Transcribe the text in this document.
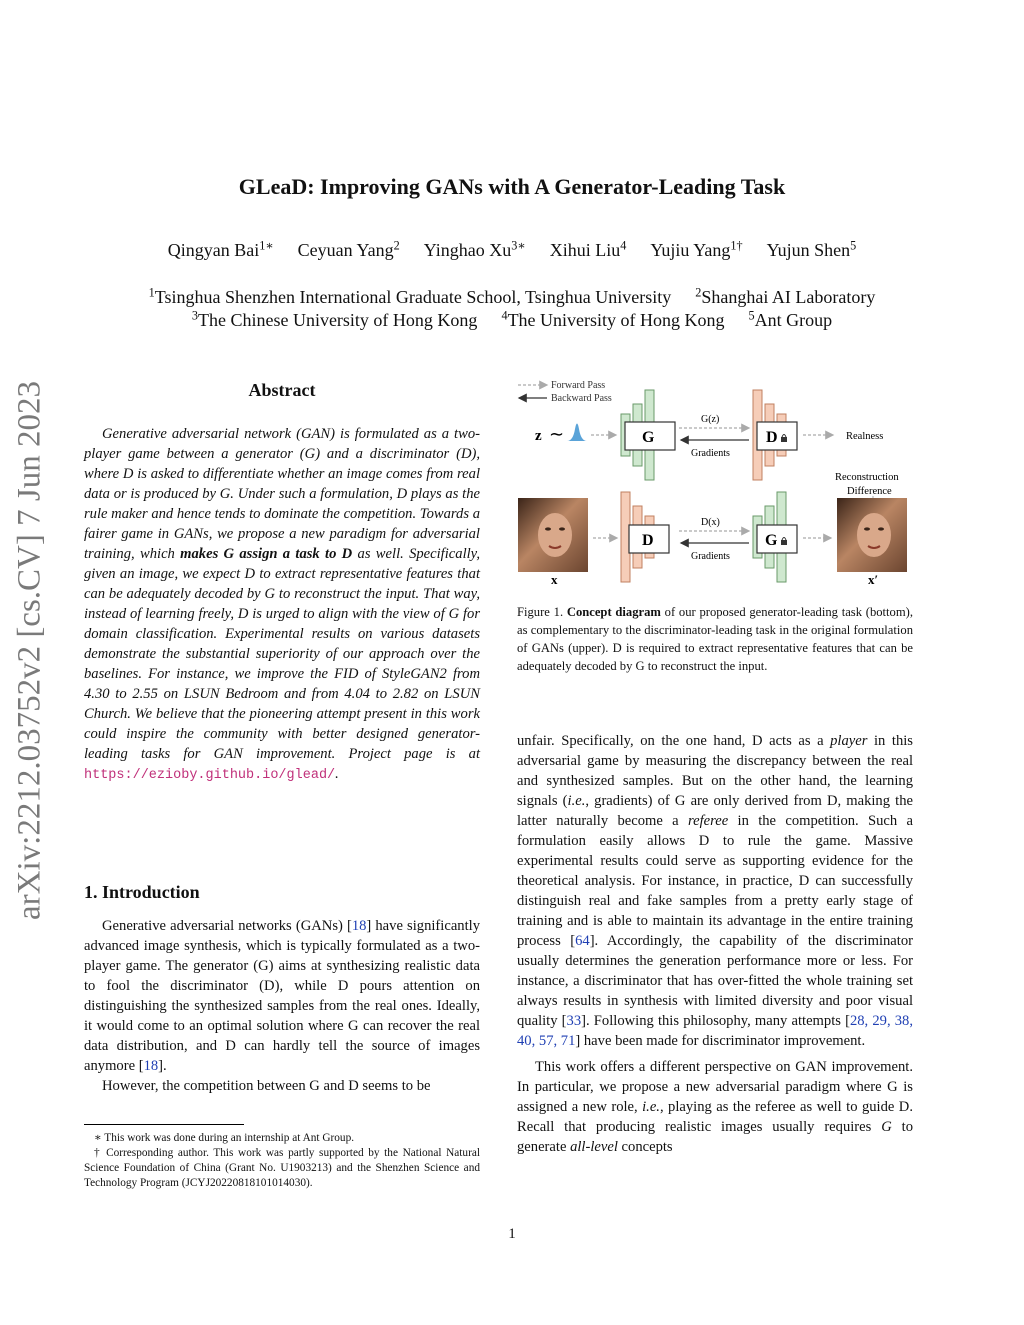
GLeaD: Improving GANs with A Generator-Leading Task
Qingyan Bai$^{1∗}$ Ceyuan Yang$^2$ Yinghao $Xu^{3∗}$ Xihui Liu$^4$ Yujiu Yang$^{1\dagger}$ Yujun Shen$^5$
$^1$Tsinghua Shenzhen International Graduate School, Tsinghua University $^2$Shanghai AI Laboratory
$^3$The Chinese University of Hong Kong $^4$The University of Hong Kong $^5$Ant Group
arXiv:2212.03752v2 [cs.CV] 7 Jun 2023	Abstract

Generative adversarial network (GAN) is formulated as a two-player game between a generator (G) and a discriminator (D), where D is asked to differentiate whether an image comes from real data or is produced by G. Under such a formulation, D plays as the rule maker and hence tends to dominate the competition. Towards a fairer game in GANs, we propose a new paradigm for adversarial training, which makes G assign a task to D as well. Specifically, given an image, we expect D to extract representative features that can be adequately decoded by G to reconstruct the input. That way, instead of learning freely, D is urged to align with the view of G for domain classification. Experimental results on various datasets demonstrate the substantial superiority of our approach over the baselines. For instance, we improve the FID of StyleGAN2 from 4.30 to 2.55 on LSUN Bedroom and from 4.04 to 2.82 on LSUN Church. We believe that the pioneering attempt present in this work could inspire the community with better designed generator-leading tasks for GAN improvement. Project page is at https://ezioby.github.io/glead/.

1. Introduction

Generative adversarial networks (GANs) [18] have significantly advanced image synthesis, which is typically formulated as a two-player game. The generator (G) aims at synthesizing realistic data to fool the discriminator (D), while D pours attention on distinguishing the synthesized samples from the real ones. Ideally, it would come to an optimal solution where G can recover the real data distribution, and D can hardly tell the source of images anymore [18].

However, the competition between G and D seems to be

∗ This work was done during an internship at Ant Group.

† Corresponding author. This work was partly supported by the National Natural Science Foundation of China (Grant No. U1903213) and the Shenzhen Science and Technology Program (JCYJ20220818101014030).

Forward Pass
Backward Pass
z ∼	G
G(z)
Gradients
D	Realness
Reconstruction
Difference
x
D
D(x)
Gradients
G
x′

Figure 1. Concept diagram of our proposed generator-leading task (bottom), as complementary to the discriminator-leading task in the original formulation of GANs (upper). D is required to extract representative features that can be adequately decoded by G to reconstruct the input.

unfair. Specifically, on the one hand, D acts as a player in this adversarial game by measuring the discrepancy between the real and synthesized samples. But on the other hand, the learning signals (i.e., gradients) of G are only derived from D, making the latter naturally become a referee in the competition. Such a formulation easily allows D to rule the game. Massive experimental results could serve as supporting evidence for the theoretical analysis. For instance, in practice, D can successfully distinguish real and fake samples from a pretty early stage of training and is able to maintain its advantage in the entire training process [64]. Accordingly, the capability of the discriminator usually determines the generation performance more or less. For instance, a discriminator that has over-fitted the whole training set always results in synthesis with limited diversity and poor visual quality [33]. Following this philosophy, many attempts [28, 29, 38, 40, 57, 71] have been made for discriminator improvement.

This work offers a different perspective on GAN improvement. In particular, we propose a new adversarial paradigm where G is assigned a new role, i.e., playing as the referee as well to guide D. Recall that producing realistic images usually requires G to generate all-level concepts

1
